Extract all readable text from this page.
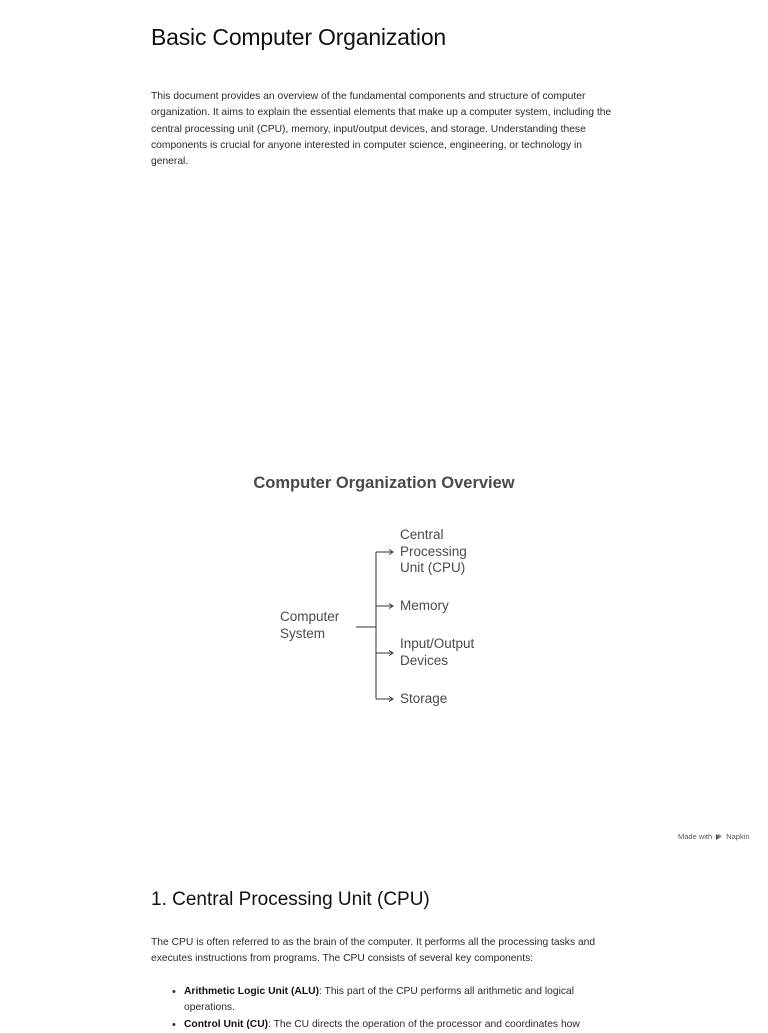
Basic Computer Organization

This document provides an overview of the fundamental components and structure of computer organization. It aims to explain the essential elements that make up a computer system, including the central processing unit (CPU), memory, input/output devices, and storage. Understanding these components is crucial for anyone interested in computer science, engineering, or technology in general.

Computer Organization Overview
Computer System
Central Processing Unit (CPU)
Memory
Input/Output Devices
Storage
Made with Napkin
1. Central Processing Unit (CPU)

The CPU is often referred to as the brain of the computer. It performs all the processing tasks and executes instructions from programs. The CPU consists of several key components:

• Arithmetic Logic Unit (ALU): This part of the CPU performs all arithmetic and logical operations.
• Control Unit (CU): The CU directs the operation of the processor and coordinates how
